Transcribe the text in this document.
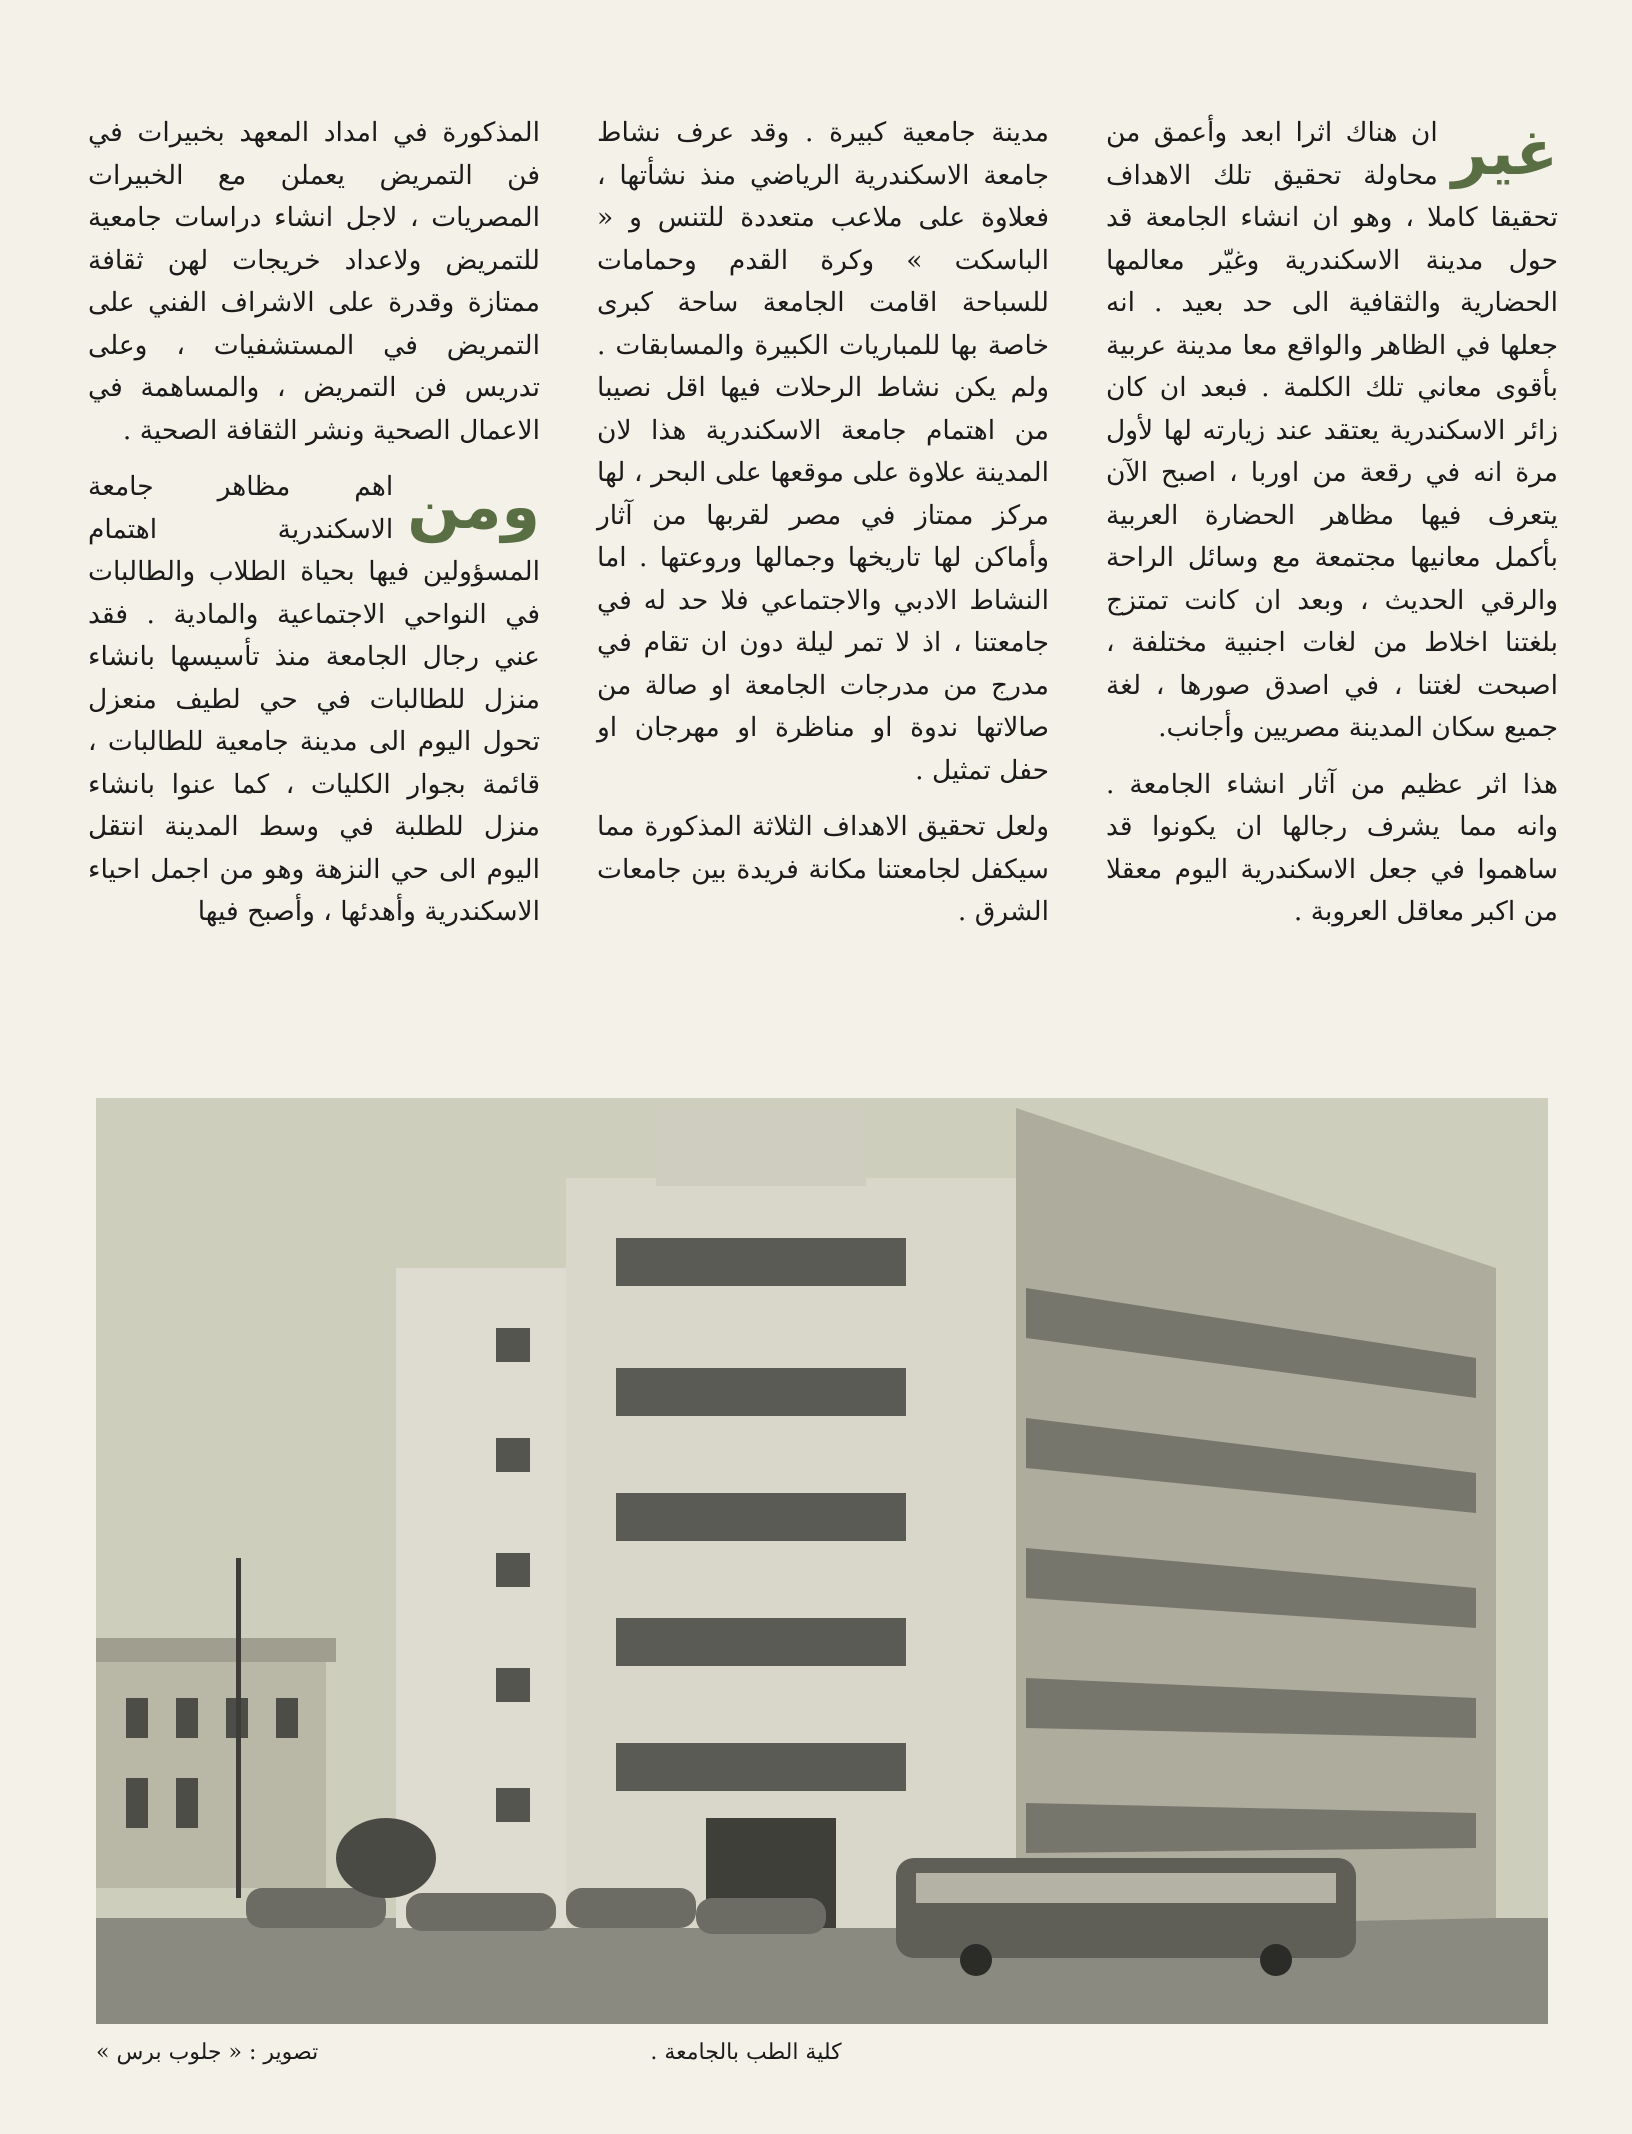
المذكورة في امداد المعهد بخبيرات في فن التمريض يعملن مع الخبيرات المصريات ، لاجل انشاء دراسات جامعية للتمريض ولاعداد خريجات لهن ثقافة ممتازة وقدرة على الاشراف الفني على التمريض في المستشفيات ، وعلى تدريس فن التمريض ، والمساهمة في الاعمال الصحية ونشر الثقافة الصحية .

ومن
اهم مظاهر جامعة الاسكندرية اهتمام المسؤولين فيها بحياة الطلاب والطالبات في النواحي الاجتماعية والمادية . فقد عني رجال الجامعة منذ تأسيسها بانشاء منزل للطالبات في حي لطيف منعزل تحول اليوم الى مدينة جامعية للطالبات ، قائمة بجوار الكليات ، كما عنوا بانشاء منزل للطلبة في وسط المدينة انتقل اليوم الى حي النزهة وهو من اجمل احياء الاسكندرية وأهدئها ، وأصبح فيها

مدينة جامعية كبيرة . وقد عرف نشاط جامعة الاسكندرية الرياضي منذ نشأتها ، فعلاوة على ملاعب متعددة للتنس و « الباسكت » وكرة القدم وحمامات للسباحة اقامت الجامعة ساحة كبرى خاصة بها للمباريات الكبيرة والمسابقات . ولم يكن نشاط الرحلات فيها اقل نصيبا من اهتمام جامعة الاسكندرية هذا لان المدينة علاوة على موقعها على البحر ، لها مركز ممتاز في مصر لقربها من آثار وأماكن لها تاريخها وجمالها وروعتها . اما النشاط الادبي والاجتماعي فلا حد له في جامعتنا ، اذ لا تمر ليلة دون ان تقام في مدرج من مدرجات الجامعة او صالة من صالاتها ندوة او مناظرة او مهرجان او حفل تمثيل .

ولعل تحقيق الاهداف الثلاثة المذكورة مما سيكفل لجامعتنا مكانة فريدة بين جامعات الشرق .

غير
ان هناك اثرا ابعد وأعمق من محاولة تحقيق تلك الاهداف تحقيقا كاملا ، وهو ان انشاء الجامعة قد حول مدينة الاسكندرية وغيّر معالمها الحضارية والثقافية الى حد بعيد . انه جعلها في الظاهر والواقع معا مدينة عربية بأقوى معاني تلك الكلمة . فبعد ان كان زائر الاسكندرية يعتقد عند زيارته لها لأول مرة انه في رقعة من اوربا ، اصبح الآن يتعرف فيها مظاهر الحضارة العربية بأكمل معانيها مجتمعة مع وسائل الراحة والرقي الحديث ، وبعد ان كانت تمتزج بلغتنا اخلاط من لغات اجنبية مختلفة ، اصبحت لغتنا ، في اصدق صورها ، لغة جميع سكان المدينة مصريين وأجانب.

هذا اثر عظيم من آثار انشاء الجامعة . وانه مما يشرف رجالها ان يكونوا قد ساهموا في جعل الاسكندرية اليوم معقلا من اكبر معاقل العروبة .

كلية الطب بالجامعة .
تصوير : « جلوب برس »
